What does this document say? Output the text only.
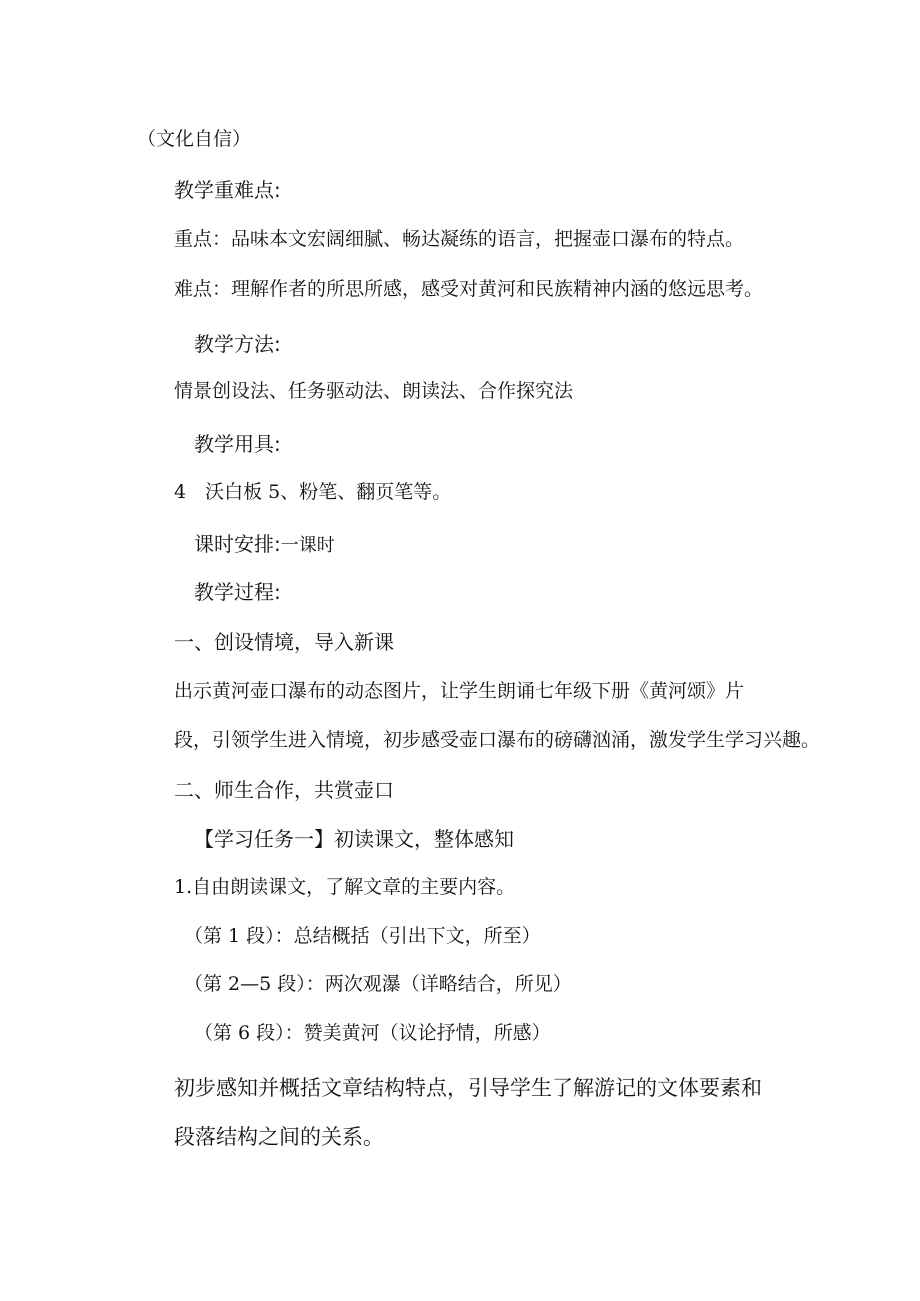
（文化自信）
教学重难点:
重点：品味本文宏阔细腻、畅达凝练的语言，把握壶口瀑布的特点。
难点：理解作者的所思所感，感受对黄河和民族精神内涵的悠远思考。
教学方法:
情景创设法、任务驱动法、朗读法、合作探究法
教学用具:
4　沃白板 5、粉笔、翻页笔等。
课时安排:一课时
教学过程:
一、创设情境，导入新课
出示黄河壶口瀑布的动态图片，让学生朗诵七年级下册《黄河颂》片
段，引领学生进入情境，初步感受壶口瀑布的磅礴汹涌，激发学生学习兴趣。
二、师生合作，共赏壶口
【学习任务一】初读课文，整体感知
1.自由朗读课文，了解文章的主要内容。
（第 1 段）：总结概括（引出下文，所至）
（第 2—5 段）：两次观瀑（详略结合，所见）
（第 6 段）：赞美黄河（议论抒情，所感）
初步感知并概括文章结构特点，引导学生了解游记的文体要素和
段落结构之间的关系。
